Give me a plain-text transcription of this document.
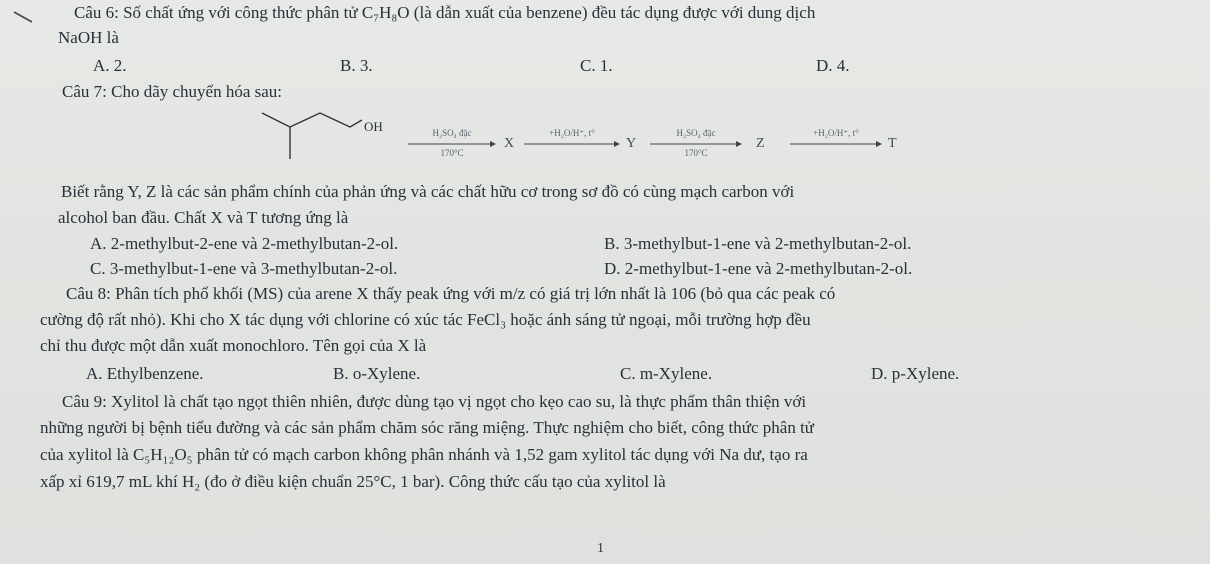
Câu 6: Số chất ứng với công thức phân tử C₇H₈O (là dẫn xuất của benzene) đều tác dụng được với dung dịch
NaOH là
A. 2.	B. 3.	C. 1.	D. 4.
Câu 7: Cho dãy chuyển hóa sau:
OH	H₂SO₄ đặc
170°C
X
+H₂O/H⁺, t°
Y
H₂SO₄ đặc
170°C
Z
+H₂O/H⁺, t°
T
Biết rằng Y, Z là các sản phẩm chính của phản ứng và các chất hữu cơ trong sơ đồ có cùng mạch carbon với
alcohol ban đầu. Chất X và T tương ứng là
A. 2-methylbut-2-ene và 2-methylbutan-2-ol.	B. 3-methylbut-1-ene và 2-methylbutan-2-ol.
C. 3-methylbut-1-ene và 3-methylbutan-2-ol.	D. 2-methylbut-1-ene và 2-methylbutan-2-ol.
Câu 8: Phân tích phổ khối (MS) của arene X thấy peak ứng với m/z có giá trị lớn nhất là 106 (bỏ qua các peak có
cường độ rất nhỏ). Khi cho X tác dụng với chlorine có xúc tác FeCl₃ hoặc ánh sáng tử ngoại, mỗi trường hợp đều
chỉ thu được một dẫn xuất monochloro. Tên gọi của X là
A. Ethylbenzene.	B. o-Xylene.	C. m-Xylene.	D. p-Xylene.
Câu 9: Xylitol là chất tạo ngọt thiên nhiên, được dùng tạo vị ngọt cho kẹo cao su, là thực phẩm thân thiện với
những người bị bệnh tiểu đường và các sản phẩm chăm sóc răng miệng. Thực nghiệm cho biết, công thức phân tử
của xylitol là C₅H₁₂O₅ phân tử có mạch carbon không phân nhánh và 1,52 gam xylitol tác dụng với Na dư, tạo ra
xấp xỉ 619,7 mL khí H₂ (đo ở điều kiện chuẩn 25°C, 1 bar). Công thức cấu tạo của xylitol là
1
